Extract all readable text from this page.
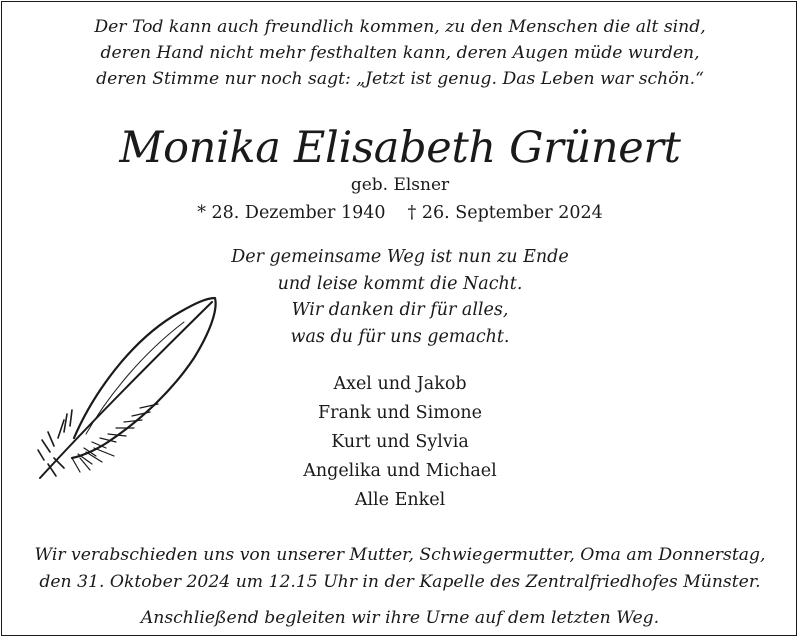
Der Tod kann auch freundlich kommen, zu den Menschen die alt sind,
deren Hand nicht mehr festhalten kann, deren Augen müde wurden,
deren Stimme nur noch sagt: „Jetzt ist genug. Das Leben war schön.“
Monika Elisabeth Grünert
geb. Elsner
* 28. Dezember 1940 † 26. September 2024
Der gemeinsame Weg ist nun zu Ende
und leise kommt die Nacht.
Wir danken dir für alles,
was du für uns gemacht.
Axel und Jakob
Frank und Simone
Kurt und Sylvia
Angelika und Michael
Alle Enkel
Wir verabschieden uns von unserer Mutter, Schwiegermutter, Oma am Donnerstag,
den 31. Oktober 2024 um 12.15 Uhr in der Kapelle des Zentralfriedhofes Münster.
Anschließend begleiten wir ihre Urne auf dem letzten Weg.
